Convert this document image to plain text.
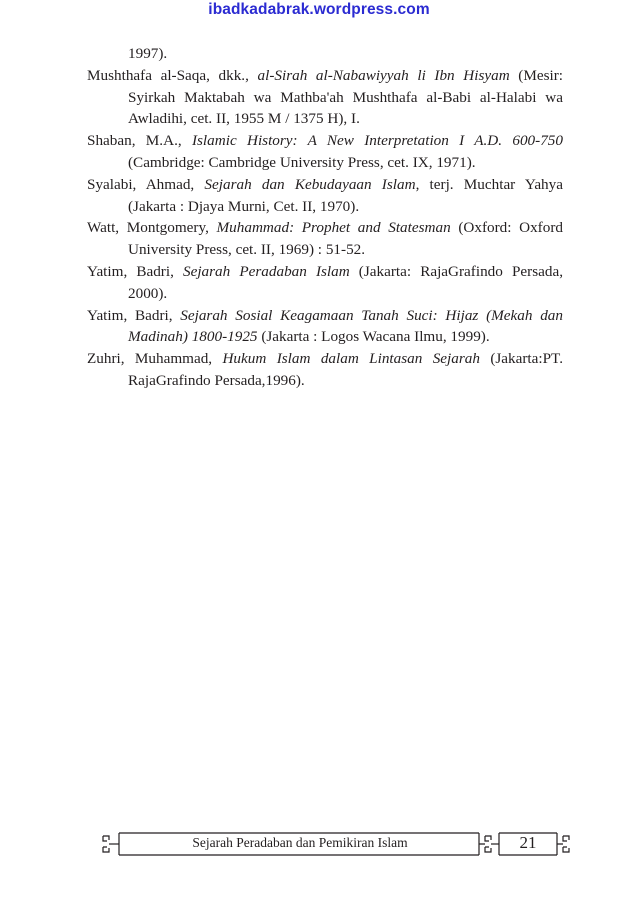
ibadkadabrak.wordpress.com

1997).

Mushthafa al-Saqa, dkk., al-Sirah al-Nabawiyyah li Ibn Hisyam (Mesir: Syirkah Maktabah wa Mathba'ah Mushthafa al-Babi al-Halabi wa Awladihi, cet. II, 1955 M / 1375 H), I.

Shaban, M.A., Islamic History: A New Interpretation I A.D. 600-750 (Cambridge: Cambridge University Press, cet. IX, 1971).

Syalabi, Ahmad, Sejarah dan Kebudayaan Islam, terj. Muchtar Yahya (Jakarta : Djaya Murni, Cet. II, 1970).

Watt, Montgomery, Muhammad: Prophet and Statesman (Oxford: Oxford University Press, cet. II, 1969) : 51-52.

Yatim, Badri, Sejarah Peradaban Islam (Jakarta: RajaGrafindo Persada, 2000).

Yatim, Badri, Sejarah Sosial Keagamaan Tanah Suci: Hijaz (Mekah dan Madinah) 1800-1925 (Jakarta : Logos Wacana Ilmu, 1999).

Zuhri, Muhammad, Hukum Islam dalam Lintasan Sejarah (Jakarta:PT. RajaGrafindo Persada,1996).

Sejarah Peradaban dan Pemikiran Islam	21
